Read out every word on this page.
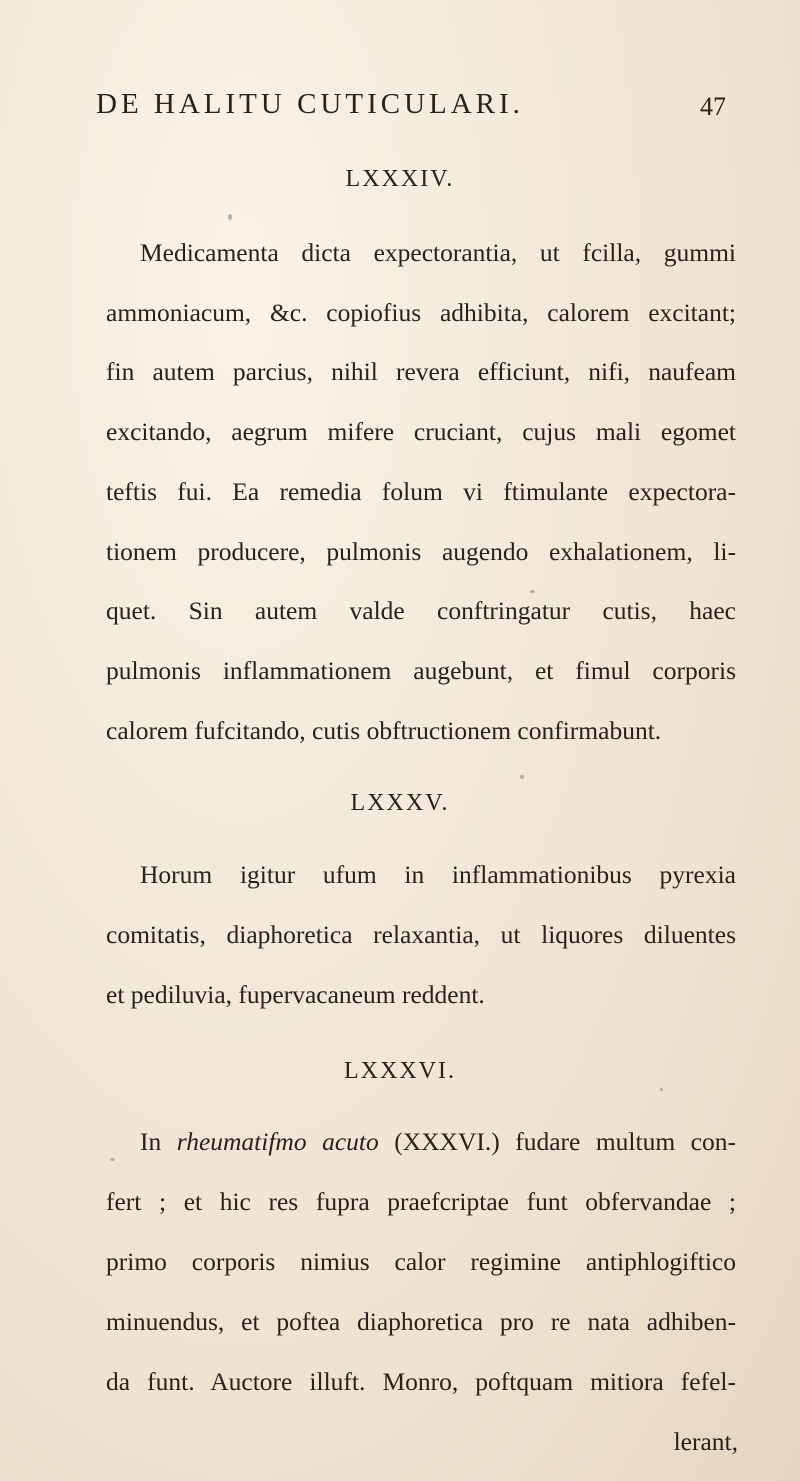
DE HALITU CUTICULARI.	47
LXXXIV.
Medicamenta dicta expectorantia, ut fcilla, gummi
ammoniacum, &c. copiofius adhibita, calorem excitant;
fin autem parcius, nihil revera efficiunt, nifi, naufeam
excitando, aegrum mifere cruciant, cujus mali egomet
teftis fui. Ea remedia folum vi ftimulante expectora-
tionem producere, pulmonis augendo exhalationem, li-
quet. Sin autem valde conftringatur cutis, haec
pulmonis inflammationem augebunt, et fimul corporis
calorem fufcitando, cutis obftructionem confirmabunt.
LXXXV.
Horum igitur ufum in inflammationibus pyrexia
comitatis, diaphoretica relaxantia, ut liquores diluentes
et pediluvia, fupervacaneum reddent.
LXXXVI.
In rheumatifmo acuto (XXXVI.) fudare multum con-
fert ; et hic res fupra praefcriptae funt obfervandae ;
primo corporis nimius calor regimine antiphlogiftico
minuendus, et poftea diaphoretica pro re nata adhiben-
da funt. Auctore illuft. Monro, poftquam mitiora fefel-
lerant,
